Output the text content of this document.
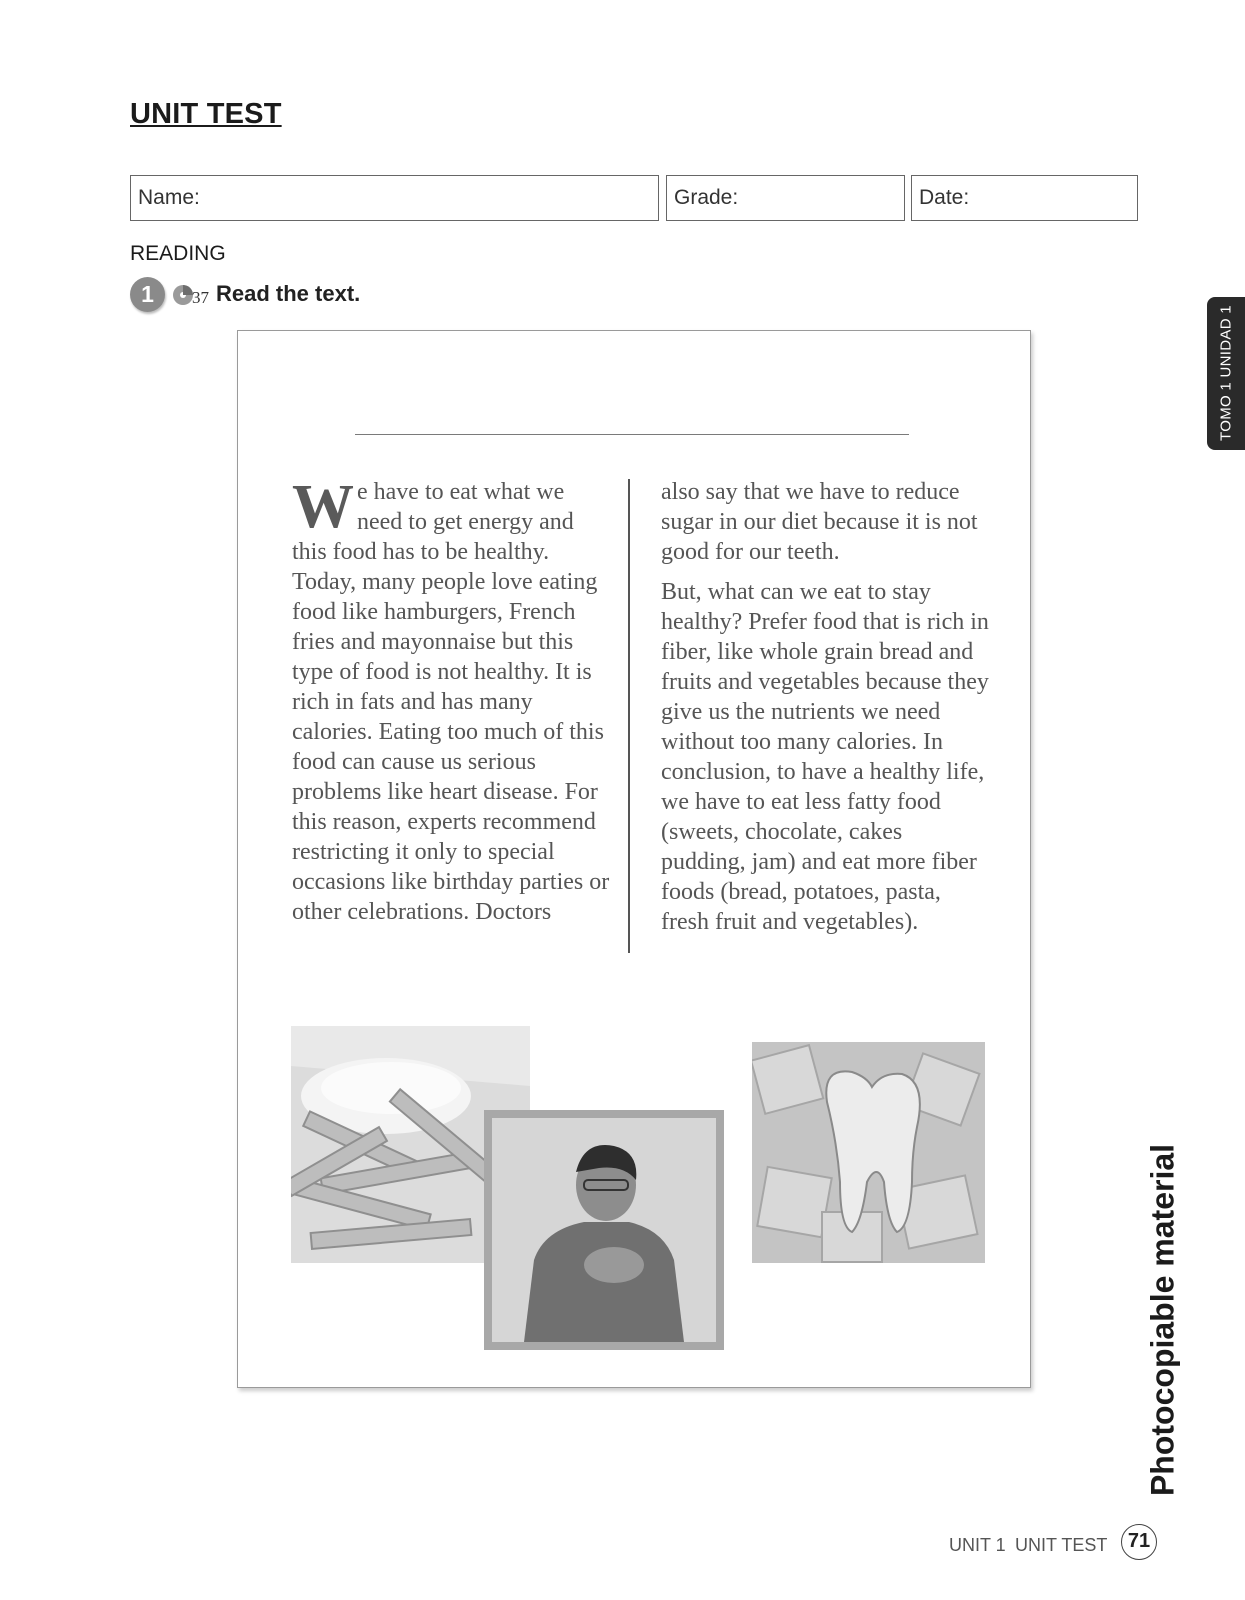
UNIT TEST
Name:	Grade:	Date:
READING
1	37 Read the text.
We have to eat what we need to get energy and this food has to be healthy. Today, many people love eating food like hamburgers, French fries and mayonnaise but this type of food is not healthy. It is rich in fats and has many calories. Eating too much of this food can cause us serious problems like heart disease. For this reason, experts recommend restricting it only to special occasions like birthday parties or other celebrations. Doctors

also say that we have to reduce sugar in our diet because it is not good for our teeth.

But, what can we eat to stay healthy? Prefer food that is rich in fiber, like whole grain bread and fruits and vegetables because they give us the nutrients we need without too many calories. In conclusion, to have a healthy life, we have to eat less fatty food (sweets, chocolate, cakes pudding, jam) and eat more fiber foods (bread, potatoes, pasta, fresh fruit and vegetables).

TOMO 1 UNIDAD 1
Photocopiable material
UNIT 1 UNIT TEST	71
